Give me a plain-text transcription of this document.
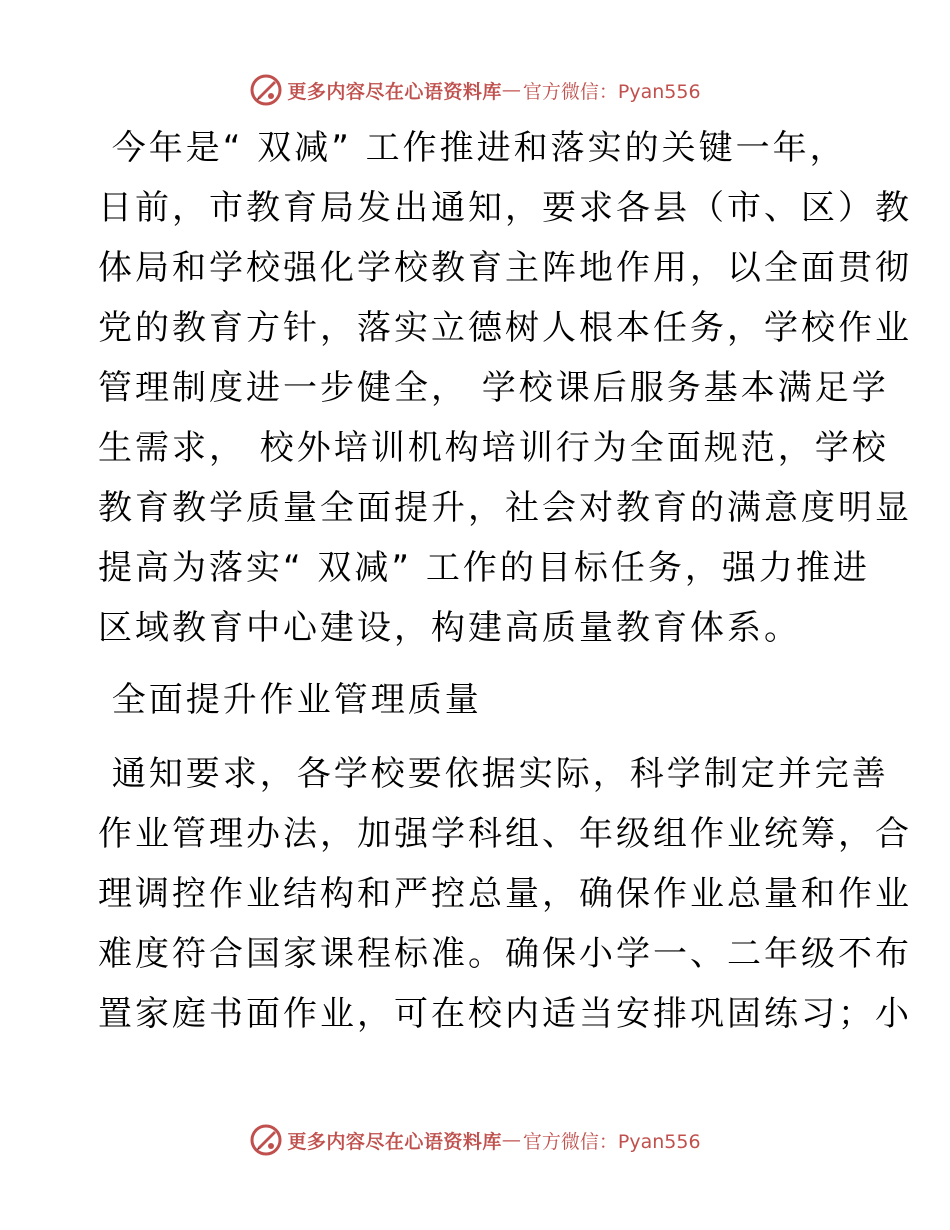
更多内容尽在心语资料库 — 官方微信：Pyan556

今年是“ 双减” 工作推进和落实的关键一年，

日前，市教育局发出通知，要求各县（市、区）教

体局和学校强化学校教育主阵地作用，以全面贯彻

党的教育方针，落实立德树人根本任务，学校作业

管理制度进一步健全， 学校课后服务基本满足学

生需求， 校外培训机构培训行为全面规范，学校

教育教学质量全面提升，社会对教育的满意度明显

提高为落实“ 双减” 工作的目标任务，强力推进

区域教育中心建设，构建高质量教育体系。

全面提升作业管理质量

通知要求，各学校要依据实际，科学制定并完善

作业管理办法，加强学科组、年级组作业统筹，合

理调控作业结构和严控总量，确保作业总量和作业

难度符合国家课程标准。确保小学一、二年级不布

置家庭书面作业，可在校内适当安排巩固练习；小

更多内容尽在心语资料库 — 官方微信：Pyan556
